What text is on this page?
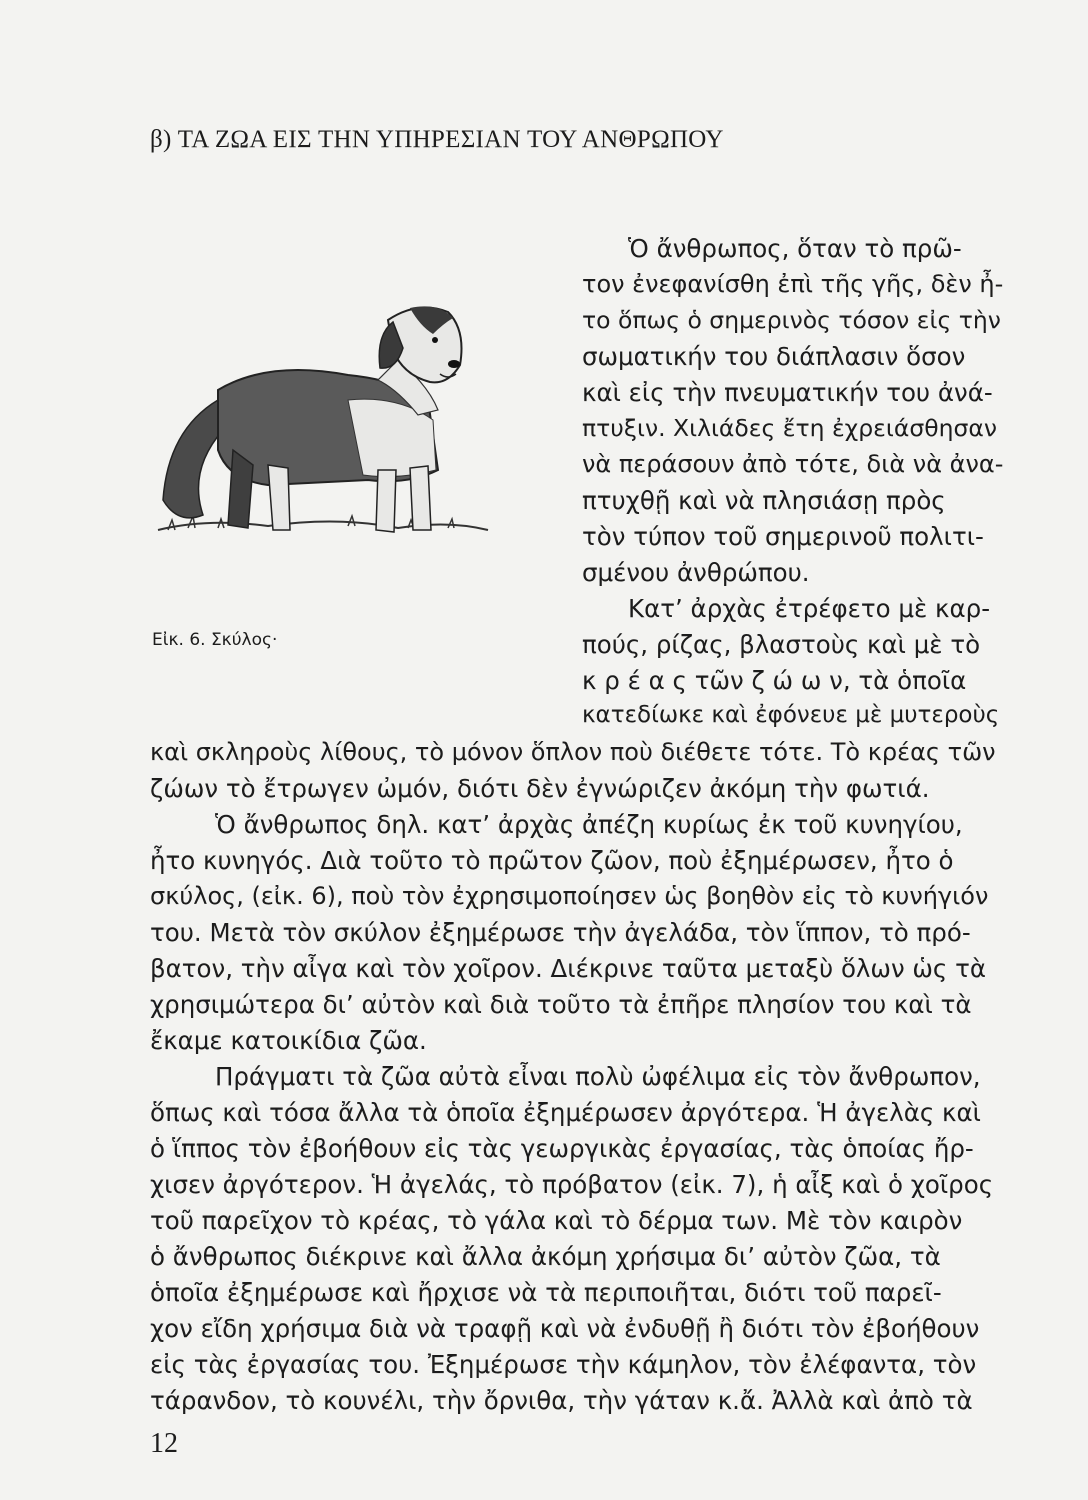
β) ΤΑ ΖΩΑ ΕΙΣ ΤΗΝ ΥΠΗΡΕΣΙΑΝ ΤΟΥ ΑΝΘΡΩΠΟΥ

Εἰκ. 6. Σκύλος·

Ὁ ἄνθρωπος, ὅταν τὸ πρῶ-

τον ἐνεφανίσθη ἐπὶ τῆς γῆς, δὲν ἦ-

το ὅπως ὁ σημερινὸς τόσον εἰς τὴν

σωματικήν του διάπλασιν ὅσον

καὶ εἰς τὴν πνευματικήν του ἀνά-

πτυξιν. Χιλιάδες ἔτη ἐχρειάσθησαν

νὰ περάσουν ἀπὸ τότε, διὰ νὰ ἀνα-

πτυχθῇ καὶ νὰ πλησιάσῃ πρὸς

τὸν τύπον τοῦ σημερινοῦ πολιτι-

σμένου ἀνθρώπου.

Κατ’ ἀρχὰς ἐτρέφετο μὲ καρ-

πούς, ρίζας, βλαστοὺς καὶ μὲ τὸ

κ ρ έ α ς τῶν ζ ώ ω ν, τὰ ὁποῖα

κατεδίωκε καὶ ἐφόνευε μὲ μυτεροὺς

καὶ σκληροὺς λίθους, τὸ μόνον ὅπλον ποὺ διέθετε τότε. Τὸ κρέας τῶν

ζώων τὸ ἔτρωγεν ὠμόν, διότι δὲν ἐγνώριζεν ἀκόμη τὴν φωτιά.

Ὁ ἄνθρωπος δηλ. κατ’ ἀρχὰς ἀπέζη κυρίως ἐκ τοῦ κυνηγίου,

ἦτο κυνηγός. Διὰ τοῦτο τὸ πρῶτον ζῶον, ποὺ ἐξημέρωσεν, ἦτο ὁ

σκύλος, (εἰκ. 6), ποὺ τὸν ἐχρησιμοποίησεν ὡς βοηθὸν εἰς τὸ κυνήγιόν

του. Μετὰ τὸν σκύλον ἐξημέρωσε τὴν ἀγελάδα, τὸν ἵππον, τὸ πρό-

βατον, τὴν αἶγα καὶ τὸν χοῖρον. Διέκρινε ταῦτα μεταξὺ ὅλων ὡς τὰ

χρησιμώτερα δι’ αὐτὸν καὶ διὰ τοῦτο τὰ ἐπῆρε πλησίον του καὶ τὰ

ἔκαμε κατοικίδια ζῶα.

Πράγματι τὰ ζῶα αὐτὰ εἶναι πολὺ ὠφέλιμα εἰς τὸν ἄνθρωπον,

ὅπως καὶ τόσα ἄλλα τὰ ὁποῖα ἐξημέρωσεν ἀργότερα. Ἡ ἀγελὰς καὶ

ὁ ἵππος τὸν ἐβοήθουν εἰς τὰς γεωργικὰς ἐργασίας, τὰς ὁποίας ἤρ-

χισεν ἀργότερον. Ἡ ἀγελάς, τὸ πρόβατον (εἰκ. 7), ἡ αἶξ καὶ ὁ χοῖρος

τοῦ παρεῖχον τὸ κρέας, τὸ γάλα καὶ τὸ δέρμα των. Μὲ τὸν καιρὸν

ὁ ἄνθρωπος διέκρινε καὶ ἄλλα ἀκόμη χρήσιμα δι’ αὐτὸν ζῶα, τὰ

ὁποῖα ἐξημέρωσε καὶ ἤρχισε νὰ τὰ περιποιῆται, διότι τοῦ παρεῖ-

χον εἴδη χρήσιμα διὰ νὰ τραφῇ καὶ νὰ ἐνδυθῇ ἢ διότι τὸν ἐβοήθουν

εἰς τὰς ἐργασίας του. Ἐξημέρωσε τὴν κάμηλον, τὸν ἐλέφαντα, τὸν

τάρανδον, τὸ κουνέλι, τὴν ὄρνιθα, τὴν γάταν κ.ἄ. Ἀλλὰ καὶ ἀπὸ τὰ

12
